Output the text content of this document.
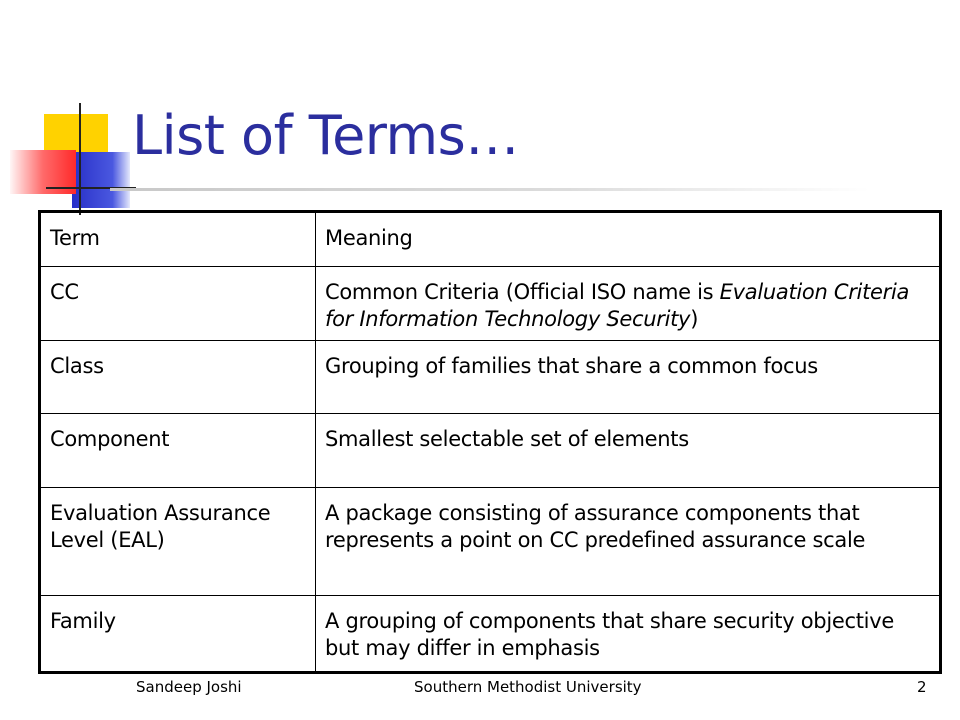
List of Terms…
Term	Meaning
CC	Common Criteria (Official ISO name is Evaluation Criteria for Information Technology Security)
Class	Grouping of families that share a common focus
Component	Smallest selectable set of elements
Evaluation Assurance Level (EAL)	A package consisting of assurance components that represents a point on CC predefined assurance scale
Family	A grouping of components that share security objective but may differ in emphasis
Sandeep Joshi	Southern Methodist University	2
